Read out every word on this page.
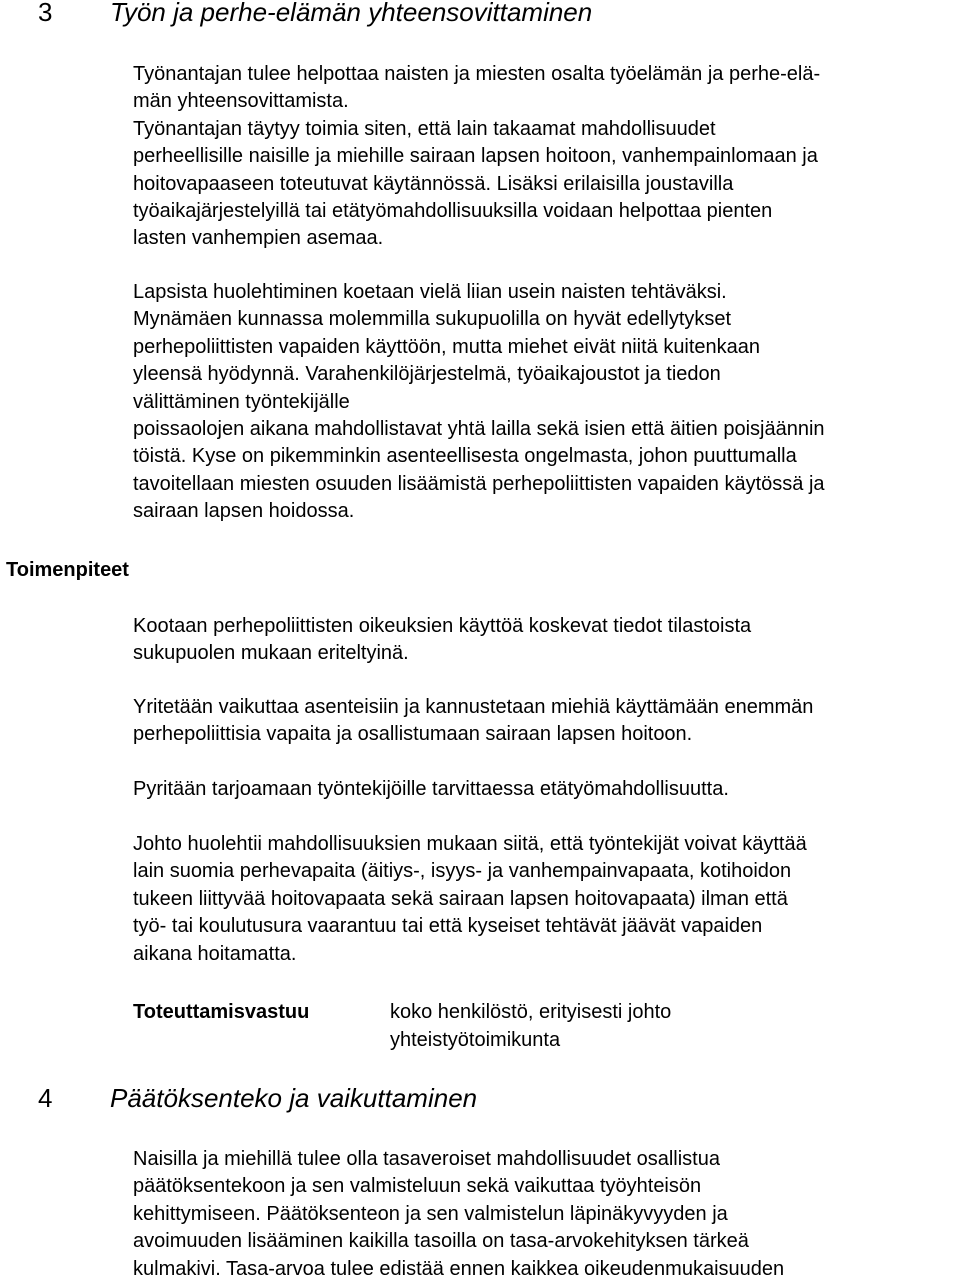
3 Työn ja perhe-elämän yhteensovittaminen
Työnantajan tulee helpottaa naisten ja miesten osalta työelämän ja perhe-elä-
män yhteensovittamista.
Työnantajan täytyy toimia siten, että lain takaamat mahdollisuudet
perheellisille naisille ja miehille sairaan lapsen hoitoon, vanhempainlomaan ja
hoitovapaaseen toteutuvat käytännössä. Lisäksi erilaisilla joustavilla
työaikajärjestelyillä tai etätyömahdollisuuksilla voidaan helpottaa pienten
lasten vanhempien asemaa.
Lapsista huolehtiminen koetaan vielä liian usein naisten tehtäväksi.
Mynämäen kunnassa molemmilla sukupuolilla on hyvät edellytykset
perhepoliittisten vapaiden käyttöön, mutta miehet eivät niitä kuitenkaan
yleensä hyödynnä. Varahenkilöjärjestelmä, työaikajoustot ja tiedon
välittäminen työntekijälle
poissaolojen aikana mahdollistavat yhtä lailla sekä isien että äitien poisjäännin
töistä. Kyse on pikemminkin asenteellisesta ongelmasta, johon puuttumalla
tavoitellaan miesten osuuden lisäämistä perhepoliittisten vapaiden käytössä ja
sairaan lapsen hoidossa.
Toimenpiteet
Kootaan perhepoliittisten oikeuksien käyttöä koskevat tiedot tilastoista
sukupuolen mukaan eriteltyinä.
Yritetään vaikuttaa asenteisiin ja kannustetaan miehiä käyttämään enemmän
perhepoliittisia vapaita ja osallistumaan sairaan lapsen hoitoon.
Pyritään tarjoamaan työntekijöille tarvittaessa etätyömahdollisuutta.
Johto huolehtii mahdollisuuksien mukaan siitä, että työntekijät voivat käyttää
lain suomia perhevapaita (äitiys-, isyys- ja vanhempainvapaata, kotihoidon
tukeen liittyvää hoitovapaata sekä sairaan lapsen hoitovapaata) ilman että
työ- tai koulutusura vaarantuu tai että kyseiset tehtävät jäävät vapaiden
aikana hoitamatta.
Toteuttamisvastuu	koko henkilöstö, erityisesti johto
yhteistyötoimikunta
4 Päätöksenteko ja vaikuttaminen
Naisilla ja miehillä tulee olla tasaveroiset mahdollisuudet osallistua
päätöksentekoon ja sen valmisteluun sekä vaikuttaa työyhteisön
kehittymiseen. Päätöksenteon ja sen valmistelun läpinäkyvyyden ja
avoimuuden lisääminen kaikilla tasoilla on tasa-arvokehityksen tärkeä
kulmakivi. Tasa-arvoa tulee edistää ennen kaikkea oikeudenmukaisuuden
